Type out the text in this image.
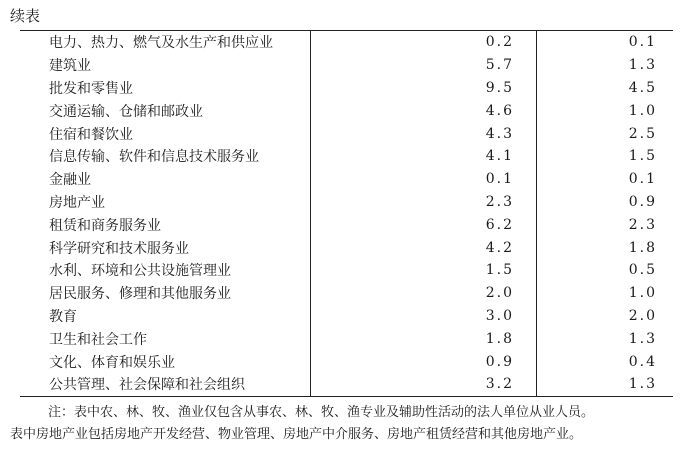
续表
电力、热力、燃气及水生产和供应业	0.2	0.1
建筑业	5.7	1.3
批发和零售业	9.5	4.5
交通运输、仓储和邮政业	4.6	1.0
住宿和餐饮业	4.3	2.5
信息传输、软件和信息技术服务业	4.1	1.5
金融业	0.1	0.1
房地产业	2.3	0.9
租赁和商务服务业	6.2	2.3
科学研究和技术服务业	4.2	1.8
水利、环境和公共设施管理业	1.5	0.5
居民服务、修理和其他服务业	2.0	1.0
教育	3.0	2.0
卫生和社会工作	1.8	1.3
文化、体育和娱乐业	0.9	0.4
公共管理、社会保障和社会组织	3.2	1.3
注：表中农、林、牧、渔业仅包含从事农、林、牧、渔专业及辅助性活动的法人单位从业人员。
表中房地产业包括房地产开发经营、物业管理、房地产中介服务、房地产租赁经营和其他房地产业。
